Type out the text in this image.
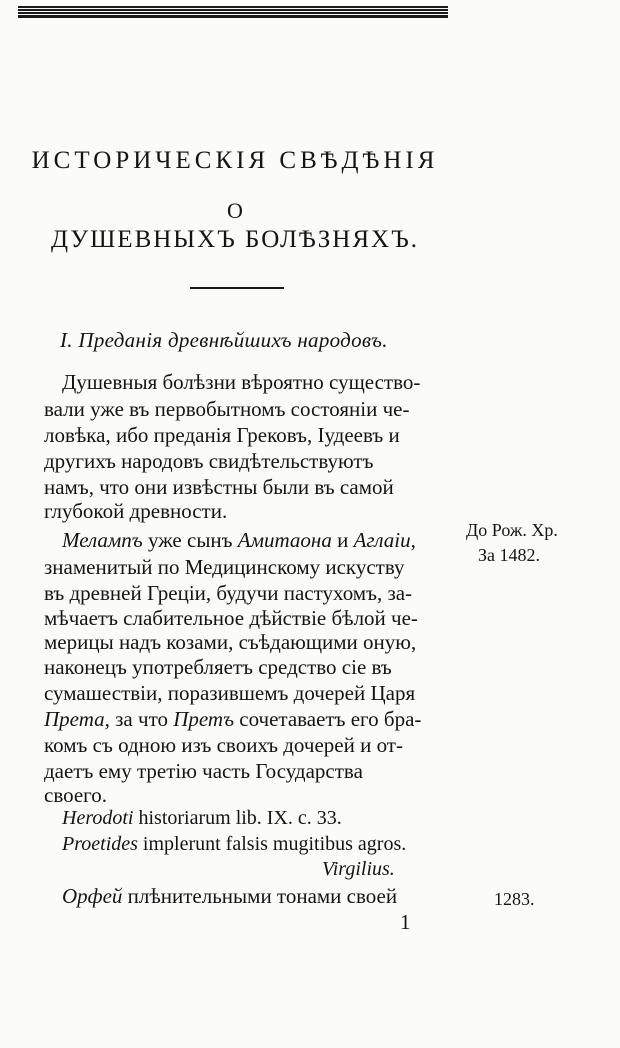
ИСТОРИЧЕСКІЯ СВѢДѢНІЯ
О
ДУШЕВНЫХЪ БОЛѢЗНЯХЪ.
I. Преданія древнѣйшихъ народовъ.
Душевныя болѣзни вѣроятно существо-
вали уже въ первобытномъ состояніи че-
ловѣка, ибо преданія Грековъ, Іудеевъ и
другихъ народовъ свидѣтельствуютъ
намъ, что они извѣстны были въ самой
глубокой древности.
Мелампъ уже сынъ Амитаона и Аглаіи,
знаменитый по Медицинскому искуству
въ древней Греціи, будучи пастухомъ, за-
мѣчаетъ слабительное дѣйствіе бѣлой че-
мерицы надъ козами, съѣдающими оную,
наконецъ употребляетъ средство сіе въ
сумашествіи, поразившемъ дочерей Царя
Прета, за что Претъ сочетаваетъ его бра-
комъ съ одною изъ своихъ дочерей и от-
даетъ ему третію часть Государства
своего.
Herodoti historiarum lib. IX. c. 33.
Proetides implerunt falsis mugitibus agros.
Virgilius.
Орфей плѣнительными тонами своей
До Рож. Хр.
За 1482.
1283.
1
